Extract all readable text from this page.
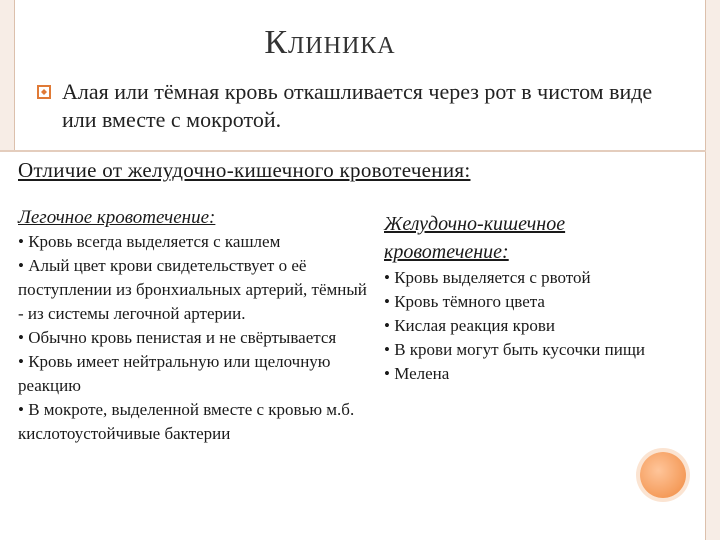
Клиника
Алая или тёмная кровь откашливается через рот в чистом виде или вместе с мокротой.
Отличие от желудочно-кишечного кровотечения:
Легочное кровотечение:
• Кровь всегда выделяется с кашлем
• Алый цвет крови свидетельствует о её поступлении из бронхиальных артерий, тёмный - из системы легочной артерии.
• Обычно кровь пенистая и не свёртывается
• Кровь имеет нейтральную или щелочную реакцию
• В мокроте, выделенной вместе с кровью м.б. кислотоустойчивые бактерии
Желудочно-кишечное кровотечение:
• Кровь выделяется с рвотой
• Кровь тёмного цвета
• Кислая реакция крови
• В крови могут быть кусочки пищи
• Мелена
